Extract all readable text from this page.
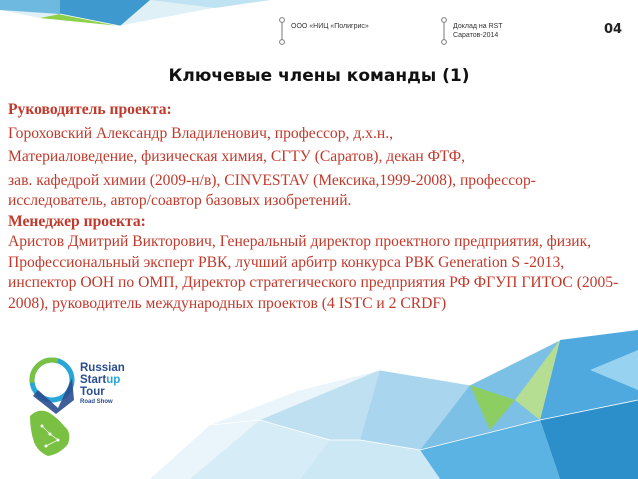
ООО «НИЦ «Полигрис»	Доклад на RST
Саратов-2014	04
Ключевые члены команды (1)

Руководитель проекта:

Гороховский Александр Владиленович, профессор, д.х.н.,

Материаловедение, физическая химия, СГТУ (Саратов), декан ФТФ,

зав. кафедрой химии (2009-н/в), CINVESTAV (Мексика,1999-2008), профессор-исследователь, автор/соавтор базовых изобретений.

Менеджер проекта:

Аристов Дмитрий Викторович, Генеральный директор проектного предприятия, физик, Профессиональный эксперт РВК, лучший арбитр конкурса РВК Generation S -2013, инспектор ООН по ОМП, Директор стратегического предприятия РФ ФГУП ГИТОС (2005-2008), руководитель международных проектов (4 ISTC и 2 CRDF)

Russian
Startup
Tour
Road Show
